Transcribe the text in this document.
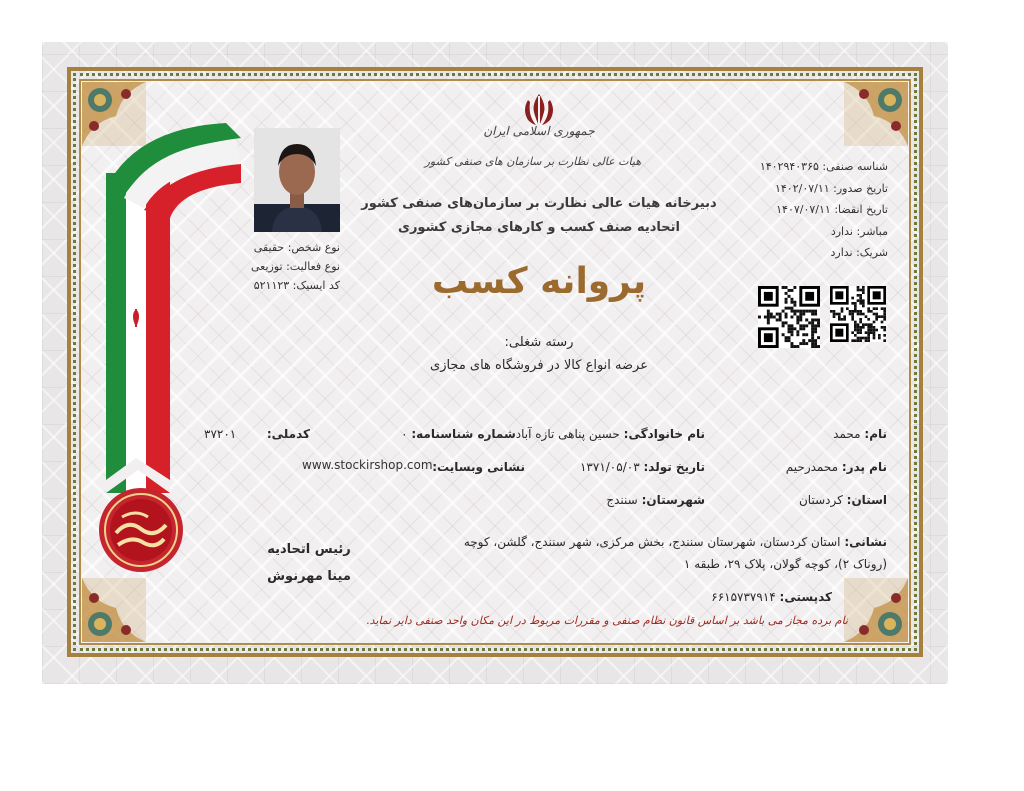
جمهوری اسلامی ایران
هیات عالی نظارت بر سازمان های صنفی کشور
دبیرخانه هیات عالی نظارت بر سازمان‌های صنفی کشور
اتحادیه صنف کسب و کارهای مجازی کشوری
پروانه کسب
رسته شغلی:
عرضه انواع کالا در فروشگاه های مجازی
شناسه صنفی: ۱۴۰۲۹۴۰۳۶۵
تاریخ صدور: ۱۴۰۲/۰۷/۱۱
تاریخ انقضا: ۱۴۰۷/۰۷/۱۱
مباشر: ندارد
شریک: ندارد
نوع شخص: حقیقی
نوع فعالیت: توزیعی
کد ایسیک: ۵۲۱۱۲۳
نام: محمد
نام خانوادگی: حسین پناهی تازه آبادشماره شناسنامه: ۰
کدملی:
۳۷۲۰۱
نام پدر: محمدرحیم
تاریخ تولد: ۱۳۷۱/۰۵/۰۳
نشانی وبسایت:
www.stockirshop.com
استان: کردستان
شهرستان: سنندج
رئیس اتحادیه
مینا مهرنوش
نشانی: استان کردستان، شهرستان سنندج، بخش مرکزی، شهر سنندج، گلشن، کوچه
(روناک ۲)، کوچه گولان، پلاک ۲۹، طبقه ۱
کدپستی: ۶۶۱۵۷۳۷۹۱۴
نام برده مجاز می باشد بر اساس قانون نظام صنفی و مقررات مربوط در این مکان واحد صنفی دایر نماید.
